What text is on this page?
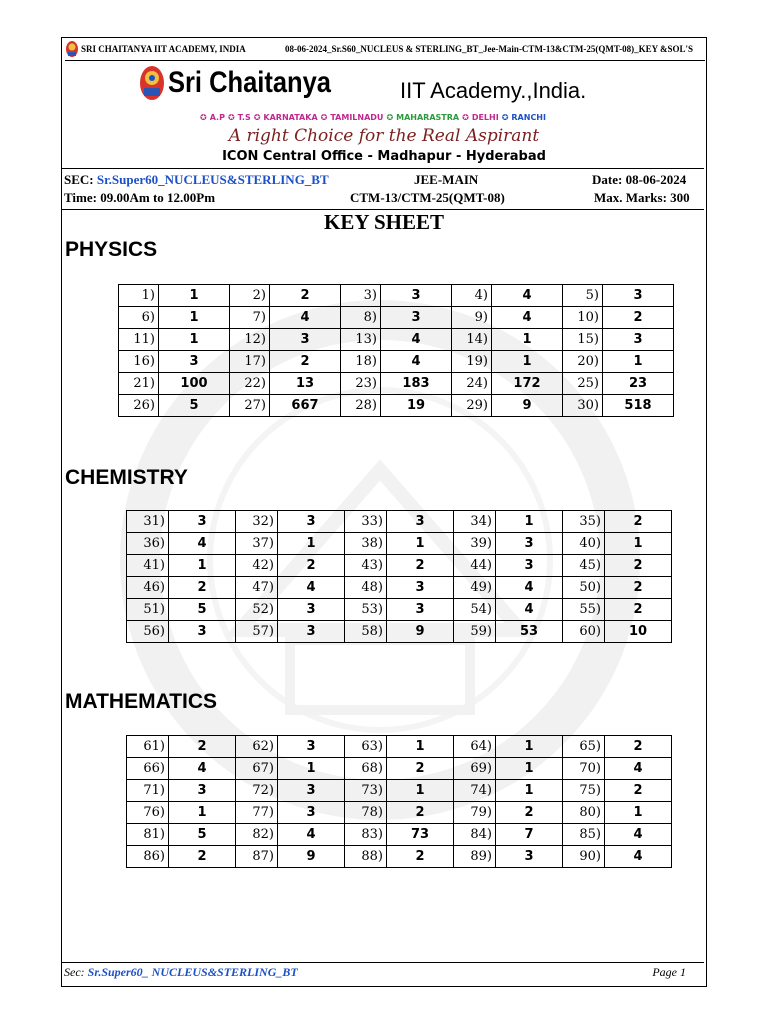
SRI CHAITANYA IIT ACADEMY, INDIA	08-06-2024_Sr.S60_NUCLEUS & STERLING_BT_Jee-Main-CTM-13&CTM-25(QMT-08)_KEY &SOL'S
Sri Chaitanya	IIT Academy.,India.
✪ A.P ✪ T.S ✪ KARNATAKA ✪ TAMILNADU ✪ MAHARASTRA ✪ DELHI ✪ RANCHI
A right Choice for the Real Aspirant
ICON Central Office - Madhapur - Hyderabad
SEC: Sr.Super60_NUCLEUS&STERLING_BT	JEE-MAIN	Date: 08-06-2024
Time: 09.00Am to 12.00Pm	CTM-13/CTM-25(QMT-08)	Max. Marks: 300
KEY SHEET
PHYSICS
1)	1	2)	2	3)	3	4)	4	5)	3
6)	1	7)	4	8)	3	9)	4	10)	2
11)	1	12)	3	13)	4	14)	1	15)	3
16)	3	17)	2	18)	4	19)	1	20)	1
21)	100	22)	13	23)	183	24)	172	25)	23
26)	5	27)	667	28)	19	29)	9	30)	518
CHEMISTRY
31)	3	32)	3	33)	3	34)	1	35)	2
36)	4	37)	1	38)	1	39)	3	40)	1
41)	1	42)	2	43)	2	44)	3	45)	2
46)	2	47)	4	48)	3	49)	4	50)	2
51)	5	52)	3	53)	3	54)	4	55)	2
56)	3	57)	3	58)	9	59)	53	60)	10
MATHEMATICS
61)	2	62)	3	63)	1	64)	1	65)	2
66)	4	67)	1	68)	2	69)	1	70)	4
71)	3	72)	3	73)	1	74)	1	75)	2
76)	1	77)	3	78)	2	79)	2	80)	1
81)	5	82)	4	83)	73	84)	7	85)	4
86)	2	87)	9	88)	2	89)	3	90)	4
Sec: Sr.Super60_ NUCLEUS&STERLING_BT	Page 1
